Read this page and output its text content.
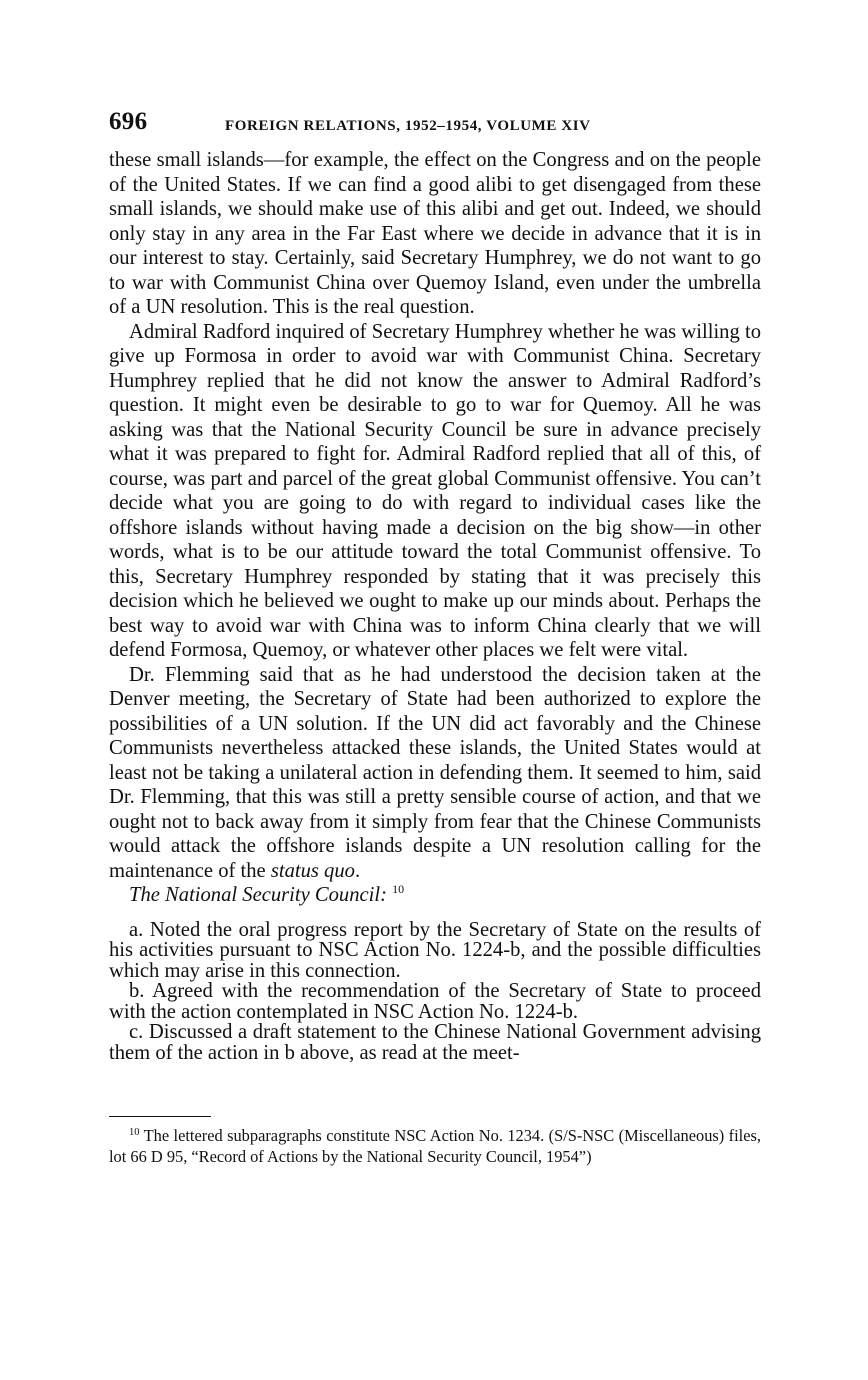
696	FOREIGN RELATIONS, 1952–1954, VOLUME XIV

these small islands—for example, the effect on the Congress and on the people of the United States. If we can find a good alibi to get disengaged from these small islands, we should make use of this alibi and get out. Indeed, we should only stay in any area in the Far East where we decide in advance that it is in our interest to stay. Certainly, said Secretary Humphrey, we do not want to go to war with Communist China over Quemoy Island, even under the umbrella of a UN resolution. This is the real question.

Admiral Radford inquired of Secretary Humphrey whether he was willing to give up Formosa in order to avoid war with Communist China. Secretary Humphrey replied that he did not know the answer to Admiral Radford’s question. It might even be desirable to go to war for Quemoy. All he was asking was that the National Security Council be sure in advance precisely what it was prepared to fight for. Admiral Radford replied that all of this, of course, was part and parcel of the great global Communist offensive. You can’t decide what you are going to do with regard to individual cases like the offshore islands without having made a decision on the big show—in other words, what is to be our attitude toward the total Communist offensive. To this, Secretary Humphrey responded by stating that it was precisely this decision which he believed we ought to make up our minds about. Perhaps the best way to avoid war with China was to inform China clearly that we will defend Formosa, Quemoy, or whatever other places we felt were vital.

Dr. Flemming said that as he had understood the decision taken at the Denver meeting, the Secretary of State had been authorized to explore the possibilities of a UN solution. If the UN did act favorably and the Chinese Communists nevertheless attacked these islands, the United States would at least not be taking a unilateral action in defending them. It seemed to him, said Dr. Flemming, that this was still a pretty sensible course of action, and that we ought not to back away from it simply from fear that the Chinese Communists would attack the offshore islands despite a UN resolution calling for the maintenance of the status quo.

The National Security Council: $^{10}$

a. Noted the oral progress report by the Secretary of State on the results of his activities pursuant to NSC Action No. 1224-b, and the possible difficulties which may arise in this connection.

b. Agreed with the recommendation of the Secretary of State to proceed with the action contemplated in NSC Action No. 1224-b.

c. Discussed a draft statement to the Chinese National Government advising them of the action in b above, as read at the meet-

$^{10}$ The lettered subparagraphs constitute NSC Action No. 1234. (S/S-NSC (Miscellaneous) files, lot 66 D 95, “Record of Actions by the National Security Council, 1954”)
